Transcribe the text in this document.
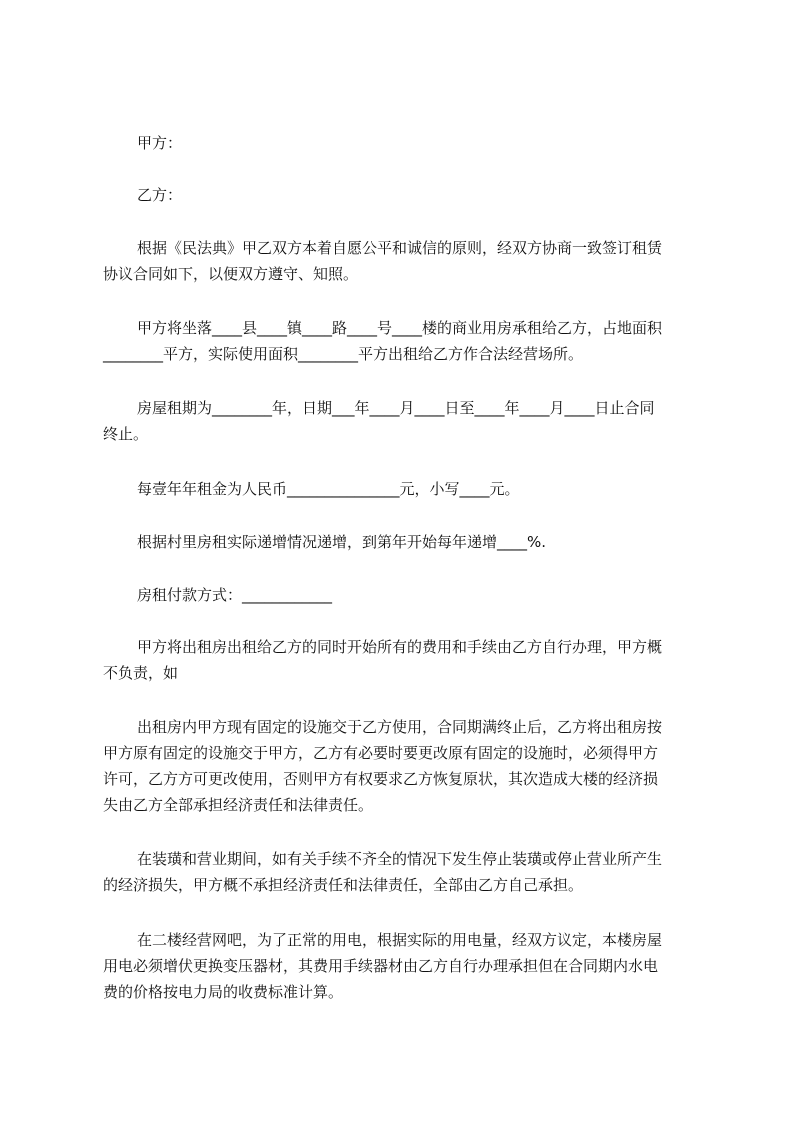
甲方：
乙方：
根据《民法典》甲乙双方本着自愿公平和诚信的原则，经双方协商一致签订租赁
协议合同如下，以便双方遵守、知照。
甲方将坐落____县____镇____路____号____楼的商业用房承租给乙方，占地面积
________平方，实际使用面积________平方出租给乙方作合法经营场所。
房屋租期为________年，日期___年____月____日至____年____月____日止合同
终止。
每壹年年租金为人民币_______________元，小写____元。
根据村里房租实际递增情况递增，到第年开始每年递增____%.
房租付款方式：____________
甲方将出租房出租给乙方的同时开始所有的费用和手续由乙方自行办理，甲方概
不负责，如
出租房内甲方现有固定的设施交于乙方使用，合同期满终止后，乙方将出租房按
甲方原有固定的设施交于甲方，乙方有必要时要更改原有固定的设施时，必须得甲方
许可，乙方方可更改使用，否则甲方有权要求乙方恢复原状，其次造成大楼的经济损
失由乙方全部承担经济责任和法律责任。
在装璜和营业期间，如有关手续不齐全的情况下发生停止装璜或停止营业所产生
的经济损失，甲方概不承担经济责任和法律责任，全部由乙方自己承担。
在二楼经营网吧，为了正常的用电，根据实际的用电量，经双方议定，本楼房屋
用电必须增伏更换变压器材，其费用手续器材由乙方自行办理承担但在合同期内水电
费的价格按电力局的收费标准计算。
